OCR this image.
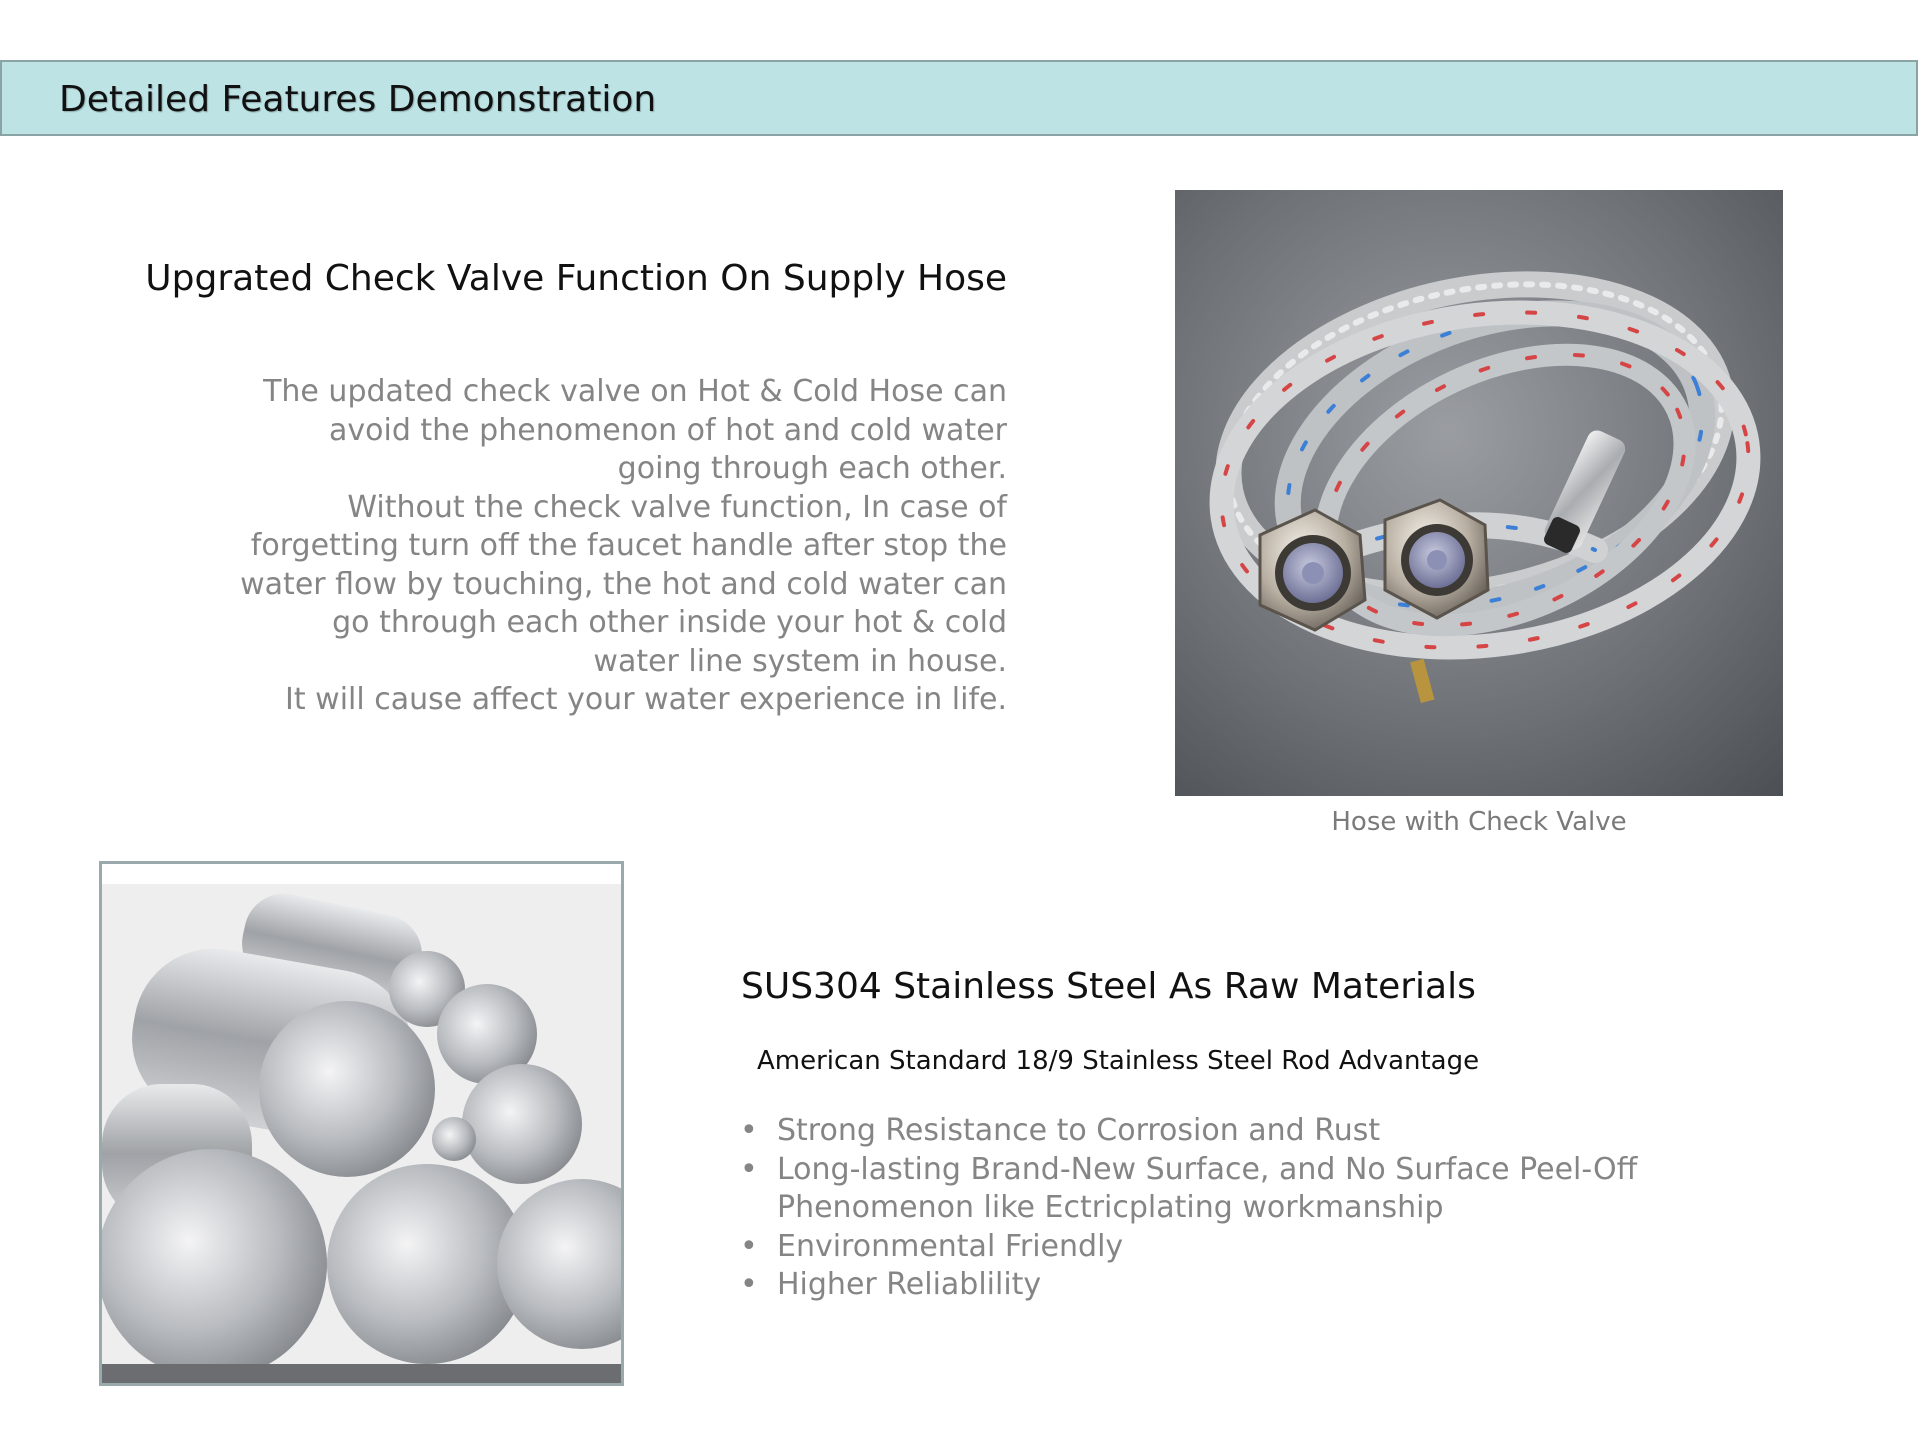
Detailed Features Demonstration
Upgrated Check Valve Function On Supply Hose
The updated check valve on Hot & Cold Hose can
avoid the phenomenon of hot and cold water
going through each other.
Without the check valve function, In case of
forgetting turn off the faucet handle after stop the
water flow by touching, the hot and cold water can
go through each other inside your hot & cold
water line system in house.
It will cause affect your water experience in life.
Hose with Check Valve
SUS304 Stainless Steel As Raw Materials
American Standard 18/9 Stainless Steel Rod Advantage
• Strong Resistance to Corrosion and Rust
• Long-lasting Brand-New Surface, and No Surface Peel-Off Phenomenon like Ectricplating workmanship
• Environmental Friendly
• Higher Reliablility
